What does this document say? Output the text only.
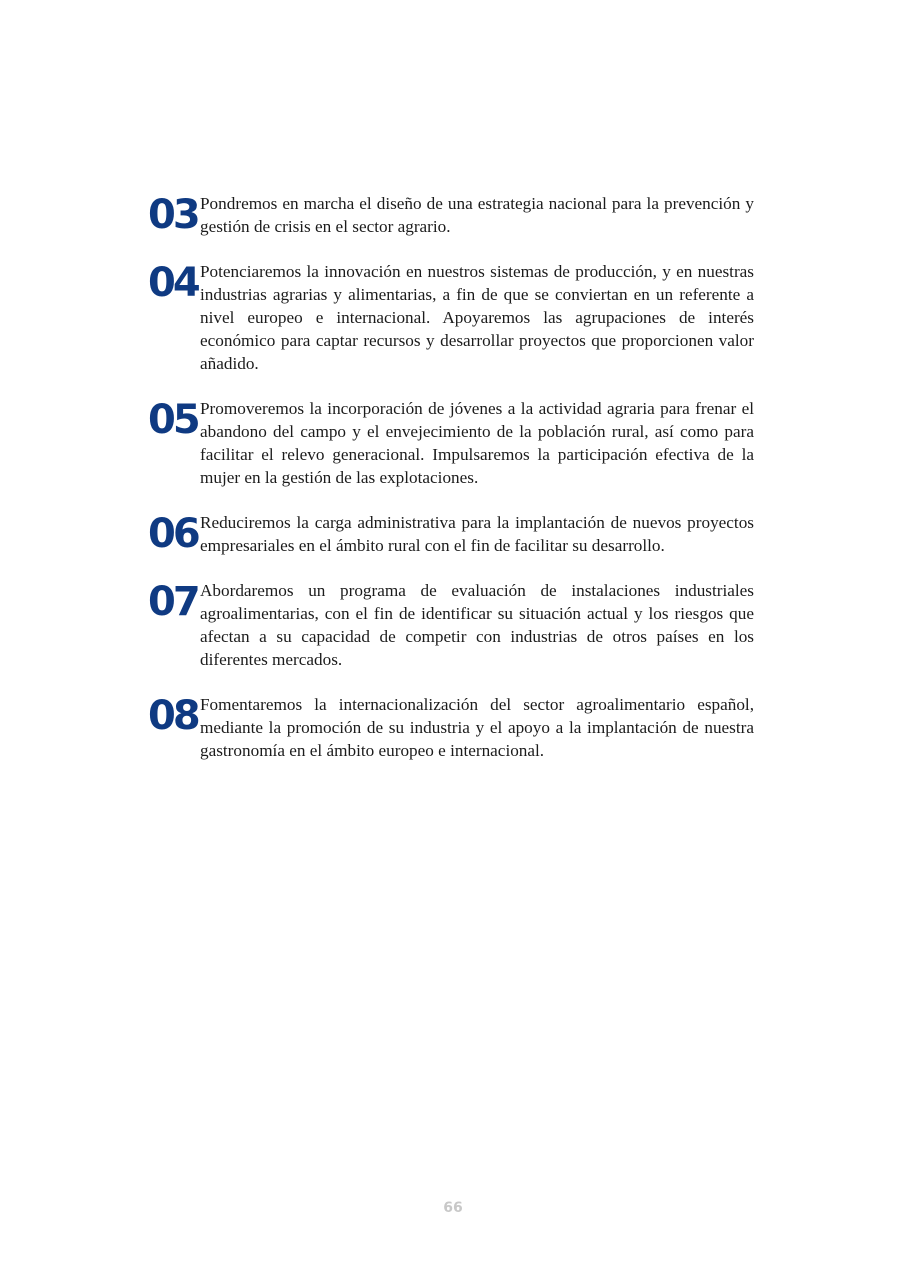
03 Pondremos en marcha el diseño de una estrategia nacional para la prevención y gestión de crisis en el sector agrario.
04 Potenciaremos la innovación en nuestros sistemas de producción, y en nuestras industrias agrarias y alimentarias, a fin de que se conviertan en un referente a nivel europeo e internacional. Apoyaremos las agrupaciones de interés económico para captar recursos y desarrollar proyectos que proporcionen valor añadido.
05 Promoveremos la incorporación de jóvenes a la actividad agraria para frenar el abandono del campo y el envejecimiento de la población rural, así como para facilitar el relevo generacional. Impulsaremos la participación efectiva de la mujer en la gestión de las explotaciones.
06 Reduciremos la carga administrativa para la implantación de nuevos proyectos empresariales en el ámbito rural con el fin de facilitar su desarrollo.
07 Abordaremos un programa de evaluación de instalaciones industriales agroalimentarias, con el fin de identificar su situación actual y los riesgos que afectan a su capacidad de competir con industrias de otros países en los diferentes mercados.
08 Fomentaremos la internacionalización del sector agroalimentario español, mediante la promoción de su industria y el apoyo a la implantación de nuestra gastronomía en el ámbito europeo e internacional.
66
